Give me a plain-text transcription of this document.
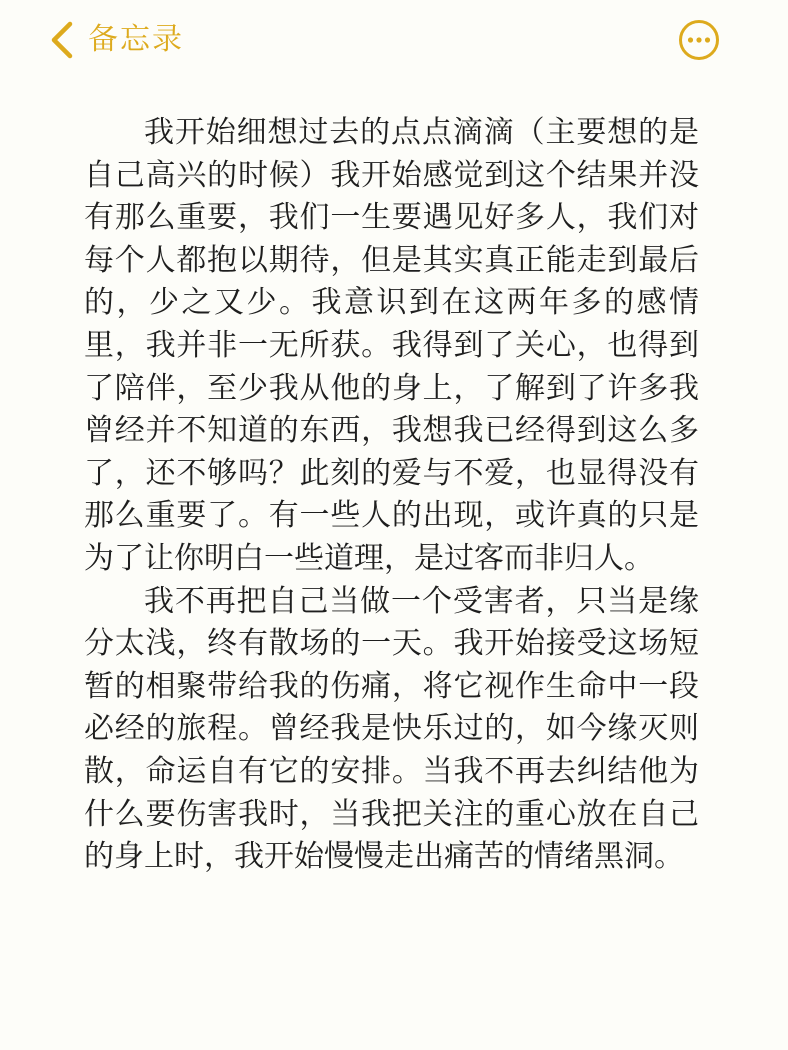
备忘录

我开始细想过去的点点滴滴（主要想的是自己高兴的时候）我开始感觉到这个结果并没有那么重要，我们一生要遇见好多人，我们对每个人都抱以期待，但是其实真正能走到最后的，少之又少。我意识到在这两年多的感情里，我并非一无所获。我得到了关心，也得到了陪伴，至少我从他的身上，了解到了许多我曾经并不知道的东西，我想我已经得到这么多了，还不够吗？此刻的爱与不爱，也显得没有那么重要了。有一些人的出现，或许真的只是为了让你明白一些道理，是过客而非归人。

我不再把自己当做一个受害者，只当是缘分太浅，终有散场的一天。我开始接受这场短暂的相聚带给我的伤痛，将它视作生命中一段必经的旅程。曾经我是快乐过的，如今缘灭则散，命运自有它的安排。当我不再去纠结他为什么要伤害我时，当我把关注的重心放在自己的身上时，我开始慢慢走出痛苦的情绪黑洞。
